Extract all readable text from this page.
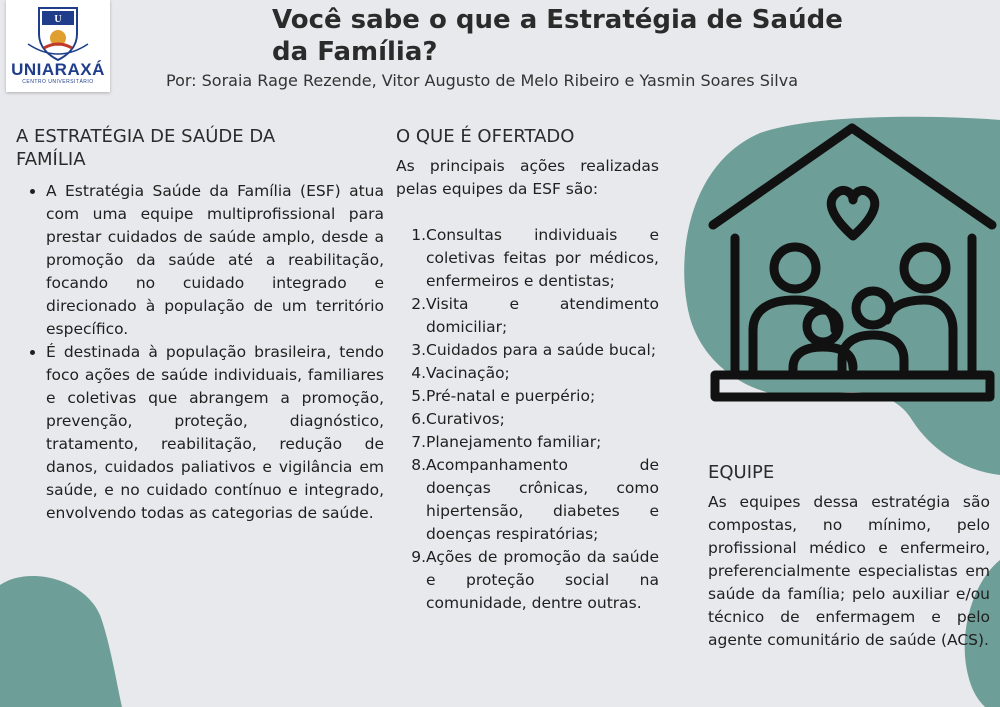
U
UNIARAXÁ
CENTRO UNIVERSITÁRIO
Você sabe o que a Estratégia de Saúde da Família?

Por: Soraia Rage Rezende, Vitor Augusto de Melo Ribeiro e Yasmin Soares Silva

A ESTRATÉGIA DE SAÚDE DA FAMÍLIA
• A Estratégia Saúde da Família (ESF) atua com uma equipe multiprofissional para prestar cuidados de saúde amplo, desde a promoção da saúde até a reabilitação, focando no cuidado integrado e direcionado à população de um território específico.
• É destinada à população brasileira, tendo foco ações de saúde individuais, familiares e coletivas que abrangem a promoção, prevenção, proteção, diagnóstico, tratamento, reabilitação, redução de danos, cuidados paliativos e vigilância em saúde, e no cuidado contínuo e integrado, envolvendo todas as categorias de saúde.
O QUE É OFERTADO

As principais ações realizadas pelas equipes da ESF são:

1. Consultas individuais e coletivas feitas por médicos, enfermeiros e dentistas;
2. Visita e atendimento domiciliar;
3. Cuidados para a saúde bucal;
4. Vacinação;
5. Pré-natal e puerpério;
6. Curativos;
7. Planejamento familiar;
8. Acompanhamento de doenças crônicas, como hipertensão, diabetes e doenças respiratórias;
9. Ações de promoção da saúde e proteção social na comunidade, dentre outras.
EQUIPE

As equipes dessa estratégia são compostas, no mínimo, pelo profissional médico e enfermeiro, preferencialmente especialistas em saúde da família; pelo auxiliar e/ou técnico de enfermagem e pelo agente comunitário de saúde (ACS).
